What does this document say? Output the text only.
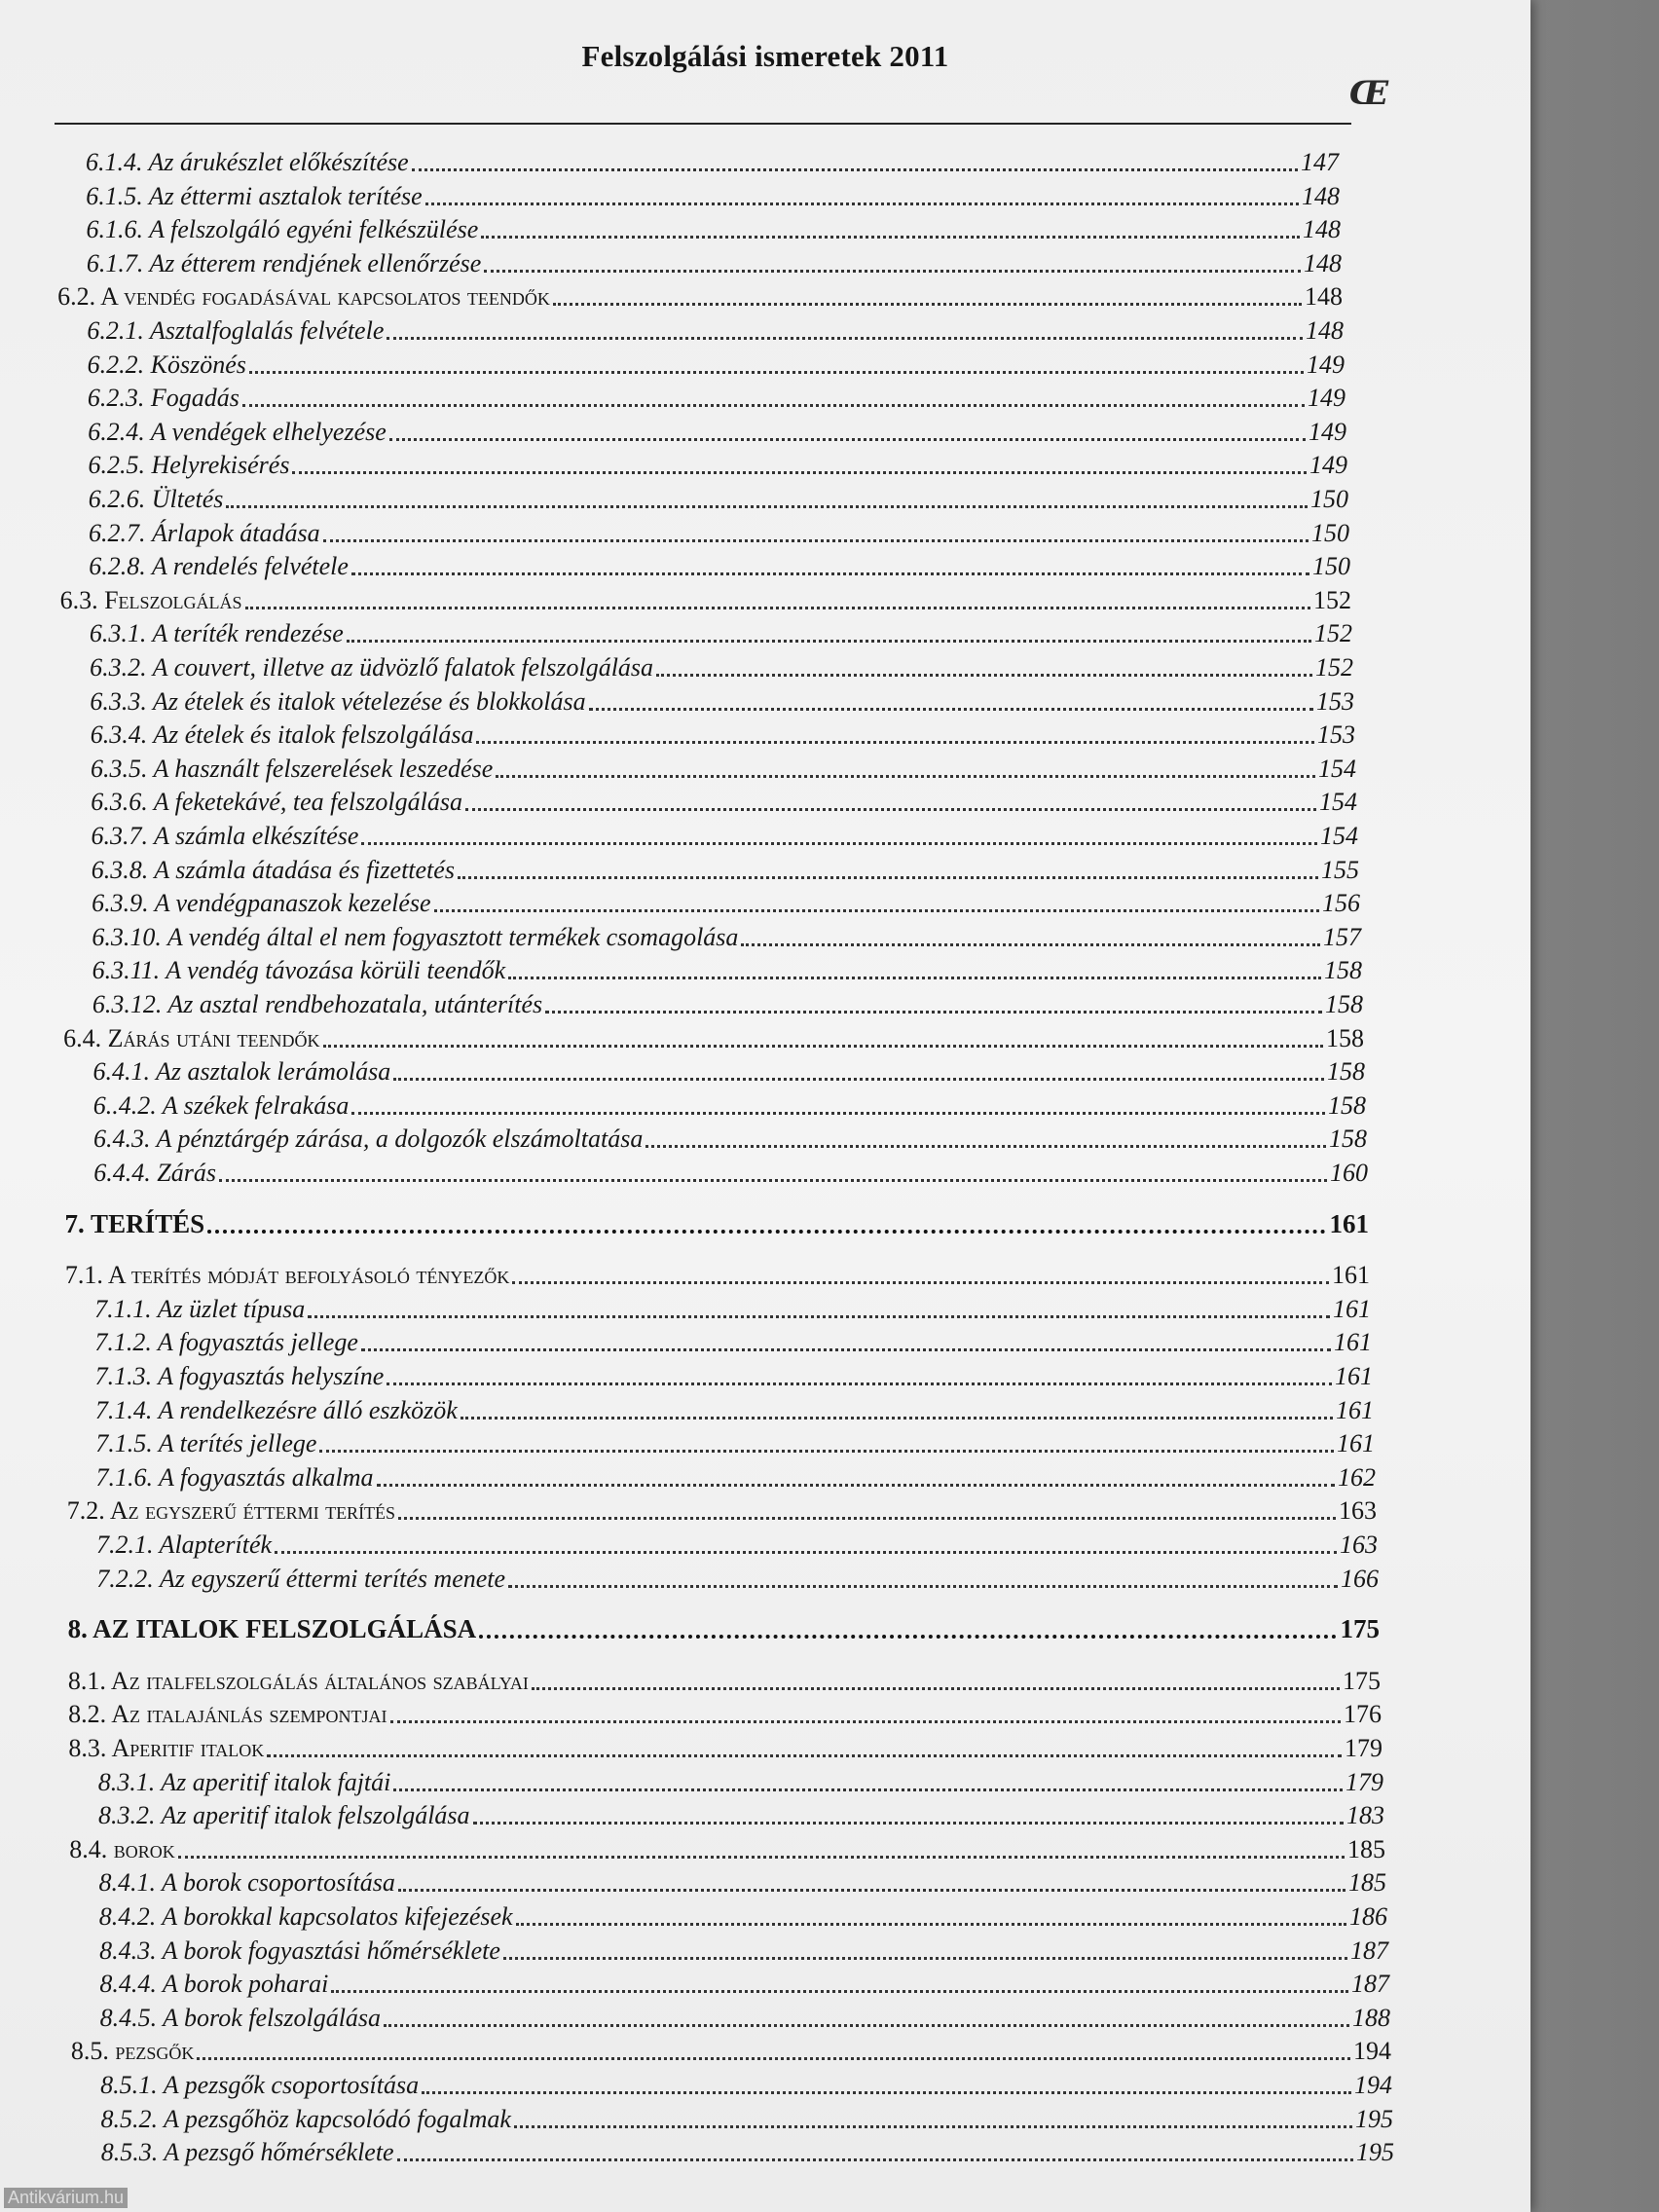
Felszolgálási ismeretek 2011
Œ
6.1.4. Az árukészlet előkészítése	147
6.1.5. Az éttermi asztalok terítése	148
6.1.6. A felszolgáló egyéni felkészülése	148
6.1.7. Az étterem rendjének ellenőrzése	148
6.2. A vendég fogadásával kapcsolatos teendők	148
6.2.1. Asztalfoglalás felvétele	148
6.2.2. Köszönés	149
6.2.3. Fogadás	149
6.2.4. A vendégek elhelyezése	149
6.2.5. Helyrekisérés	149
6.2.6. Ültetés	150
6.2.7. Árlapok átadása	150
6.2.8. A rendelés felvétele	150
6.3. Felszolgálás	152
6.3.1. A teríték rendezése	152
6.3.2. A couvert, illetve az üdvözlő falatok felszolgálása	152
6.3.3. Az ételek és italok vételezése és blokkolása	153
6.3.4. Az ételek és italok felszolgálása	153
6.3.5. A használt felszerelések leszedése	154
6.3.6. A feketekávé, tea felszolgálása	154
6.3.7. A számla elkészítése	154
6.3.8. A számla átadása és fizettetés	155
6.3.9. A vendégpanaszok kezelése	156
6.3.10. A vendég által el nem fogyasztott termékek csomagolása	157
6.3.11. A vendég távozása körüli teendők	158
6.3.12. Az asztal rendbehozatala, utánterítés	158
6.4. Zárás utáni teendők	158
6.4.1. Az asztalok lerámolása	158
6..4.2. A székek felrakása	158
6.4.3. A pénztárgép zárása, a dolgozók elszámoltatása	158
6.4.4. Zárás	160
7. TERÍTÉS	161
7.1. A terítés módját befolyásoló tényezők	161
7.1.1. Az üzlet típusa	161
7.1.2. A fogyasztás jellege	161
7.1.3. A fogyasztás helyszíne	161
7.1.4. A rendelkezésre álló eszközök	161
7.1.5. A terítés jellege	161
7.1.6. A fogyasztás alkalma	162
7.2. Az egyszerű éttermi terítés	163
7.2.1. Alapteríték	163
7.2.2. Az egyszerű éttermi terítés menete	166
8. AZ ITALOK FELSZOLGÁLÁSA	175
8.1. Az italfelszolgálás általános szabályai	175
8.2. Az italajánlás szempontjai	176
8.3. Aperitif italok	179
8.3.1. Az aperitif italok fajtái	179
8.3.2. Az aperitif italok felszolgálása	183
8.4. borok	185
8.4.1. A borok csoportosítása	185
8.4.2. A borokkal kapcsolatos kifejezések	186
8.4.3. A borok fogyasztási hőmérséklete	187
8.4.4. A borok poharai	187
8.4.5. A borok felszolgálása	188
8.5. pezsgők	194
8.5.1. A pezsgők csoportosítása	194
8.5.2. A pezsgőhöz kapcsolódó fogalmak	195
8.5.3. A pezsgő hőmérséklete	195
Antikvárium.hu
